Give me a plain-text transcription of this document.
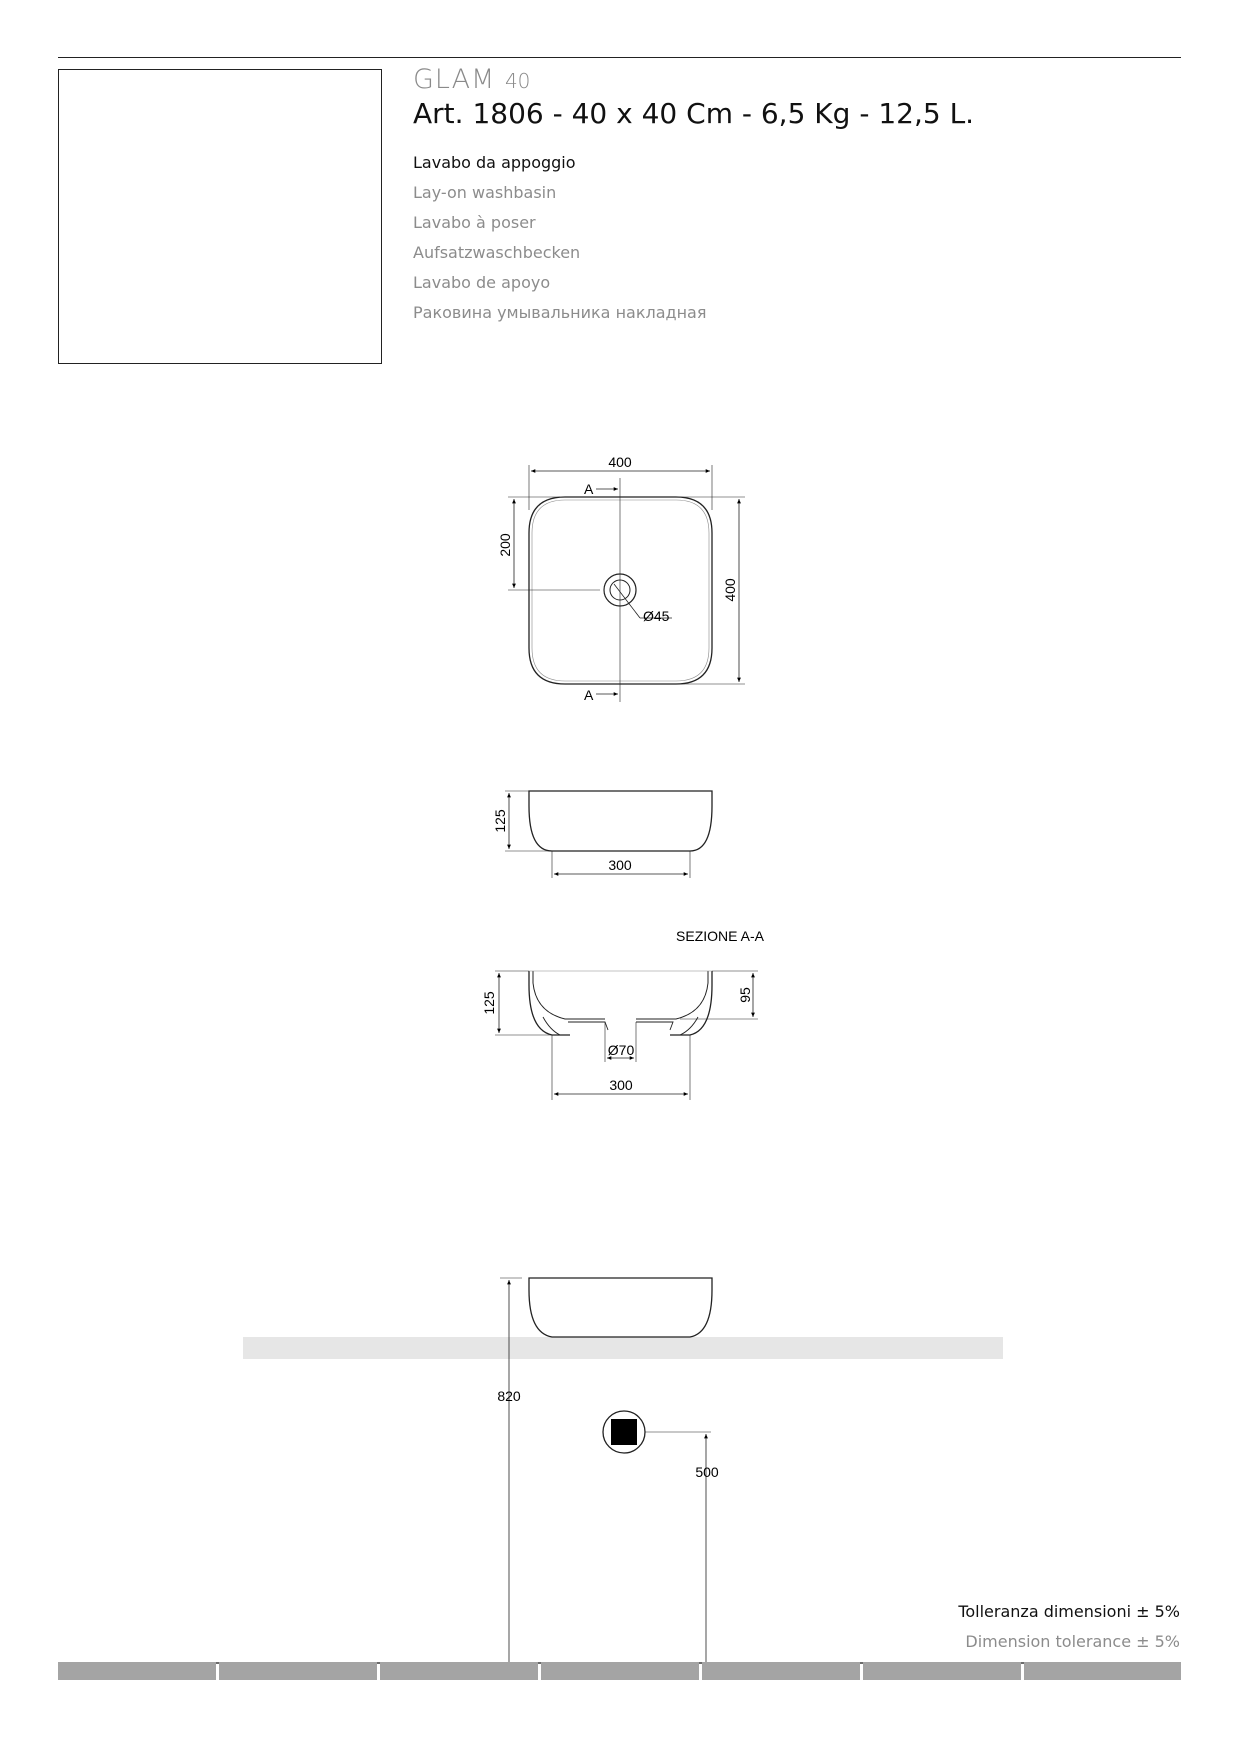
GLAM 40
Art. 1806 - 40 x 40 Cm - 6,5 Kg - 12,5 L.
Lavabo da appoggio
Lay-on washbasin
Lavabo à poser
Aufsatzwaschbecken
Lavabo de apoyo
Раковина умывальника накладная
400
400
200
Ø45
A
A
125
300
SEZIONE A-A
125	95
Ø70
300
820
500
Tolleranza dimensioni ± 5%
Dimension tolerance ± 5%
